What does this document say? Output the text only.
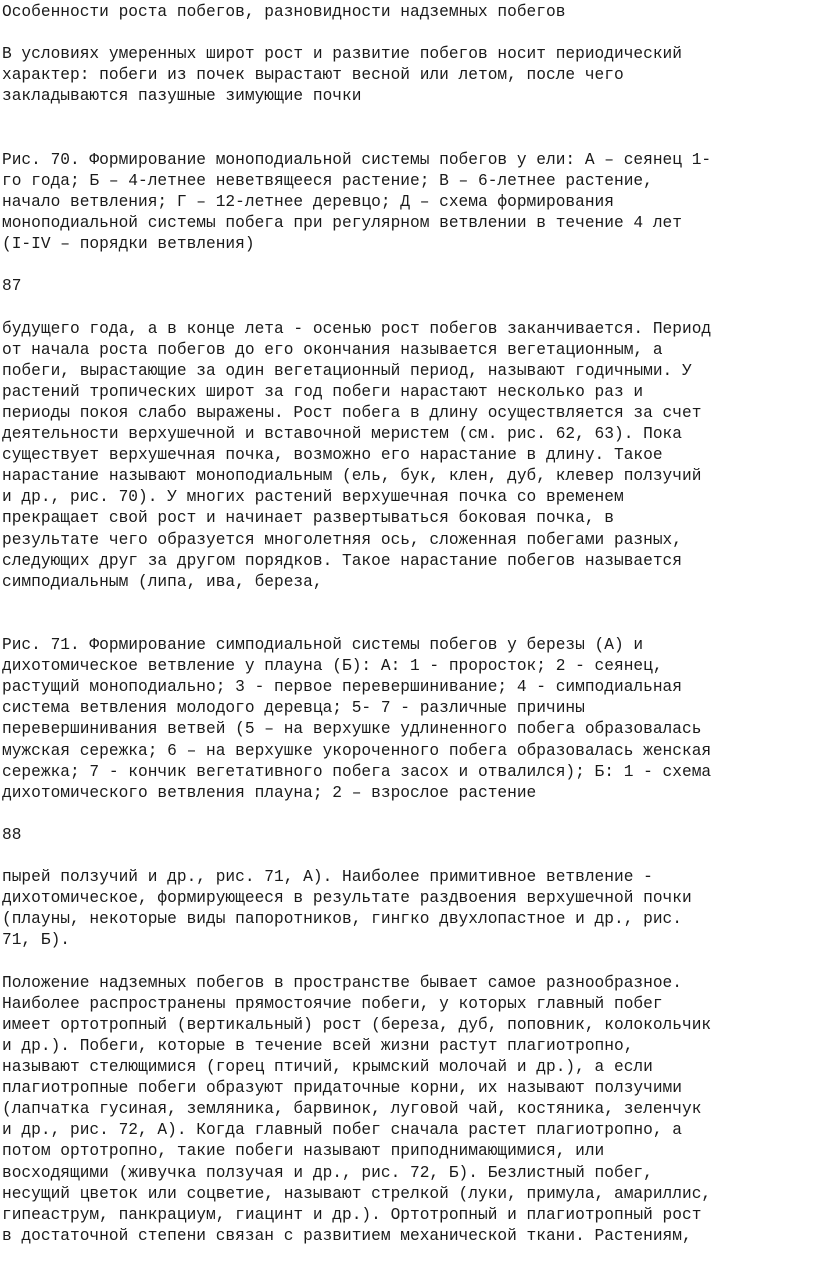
Особенности роста побегов, разновидности надземных побегов
В условиях умеренных широт рост и развитие побегов носит периодический
характер: побеги из почек вырастают весной или летом, после чего
закладываются пазушные зимующие почки
Рис. 70. Формирование моноподиальной системы побегов у ели: А – сеянец 1-
го года; Б – 4-летнее неветвящееся растение; В – 6-летнее растение,
начало ветвления; Г – 12-летнее деревцо; Д – схема формирования
моноподиальной системы побега при регулярном ветвлении в течение 4 лет
(I-IV – порядки ветвления)
87
будущего года, а в конце лета - осенью рост побегов заканчивается. Период
от начала роста побегов до его окончания называется вегетационным, а
побеги, вырастающие за один вегетационный период, называют годичными. У
растений тропических широт за год побеги нарастают несколько раз и
периоды покоя слабо выражены. Рост побега в длину осуществляется за счет
деятельности верхушечной и вставочной меристем (см. рис. 62, 63). Пока
существует верхушечная почка, возможно его нарастание в длину. Такое
нарастание называют моноподиальным (ель, бук, клен, дуб, клевер ползучий
и др., рис. 70). У многих растений верхушечная почка со временем
прекращает свой рост и начинает развертываться боковая почка, в
результате чего образуется многолетняя ось, сложенная побегами разных,
следующих друг за другом порядков. Такое нарастание побегов называется
симподиальным (липа, ива, береза,
Рис. 71. Формирование симподиальной системы побегов у березы (А) и
дихотомическое ветвление у плауна (Б): А: 1 - проросток; 2 - сеянец,
растущий моноподиально; 3 - первое перевершинивание; 4 - симподиальная
система ветвления молодого деревца; 5- 7 - различные причины
перевершинивания ветвей (5 – на верхушке удлиненного побега образовалась
мужская сережка; 6 – на верхушке укороченного побега образовалась женская
сережка; 7 - кончик вегетативного побега засох и отвалился); Б: 1 - схема
дихотомического ветвления плауна; 2 – взрослое растение
88
пырей ползучий и др., рис. 71, А). Наиболее примитивное ветвление -
дихотомическое, формирующееся в результате раздвоения верхушечной почки
(плауны, некоторые виды папоротников, гингко двухлопастное и др., рис.
71, Б).
Положение надземных побегов в пространстве бывает самое разнообразное.
Наиболее распространены прямостоячие побеги, у которых главный побег
имеет ортотропный (вертикальный) рост (береза, дуб, поповник, колокольчик
и др.). Побеги, которые в течение всей жизни растут плагиотропно,
называют стелющимися (горец птичий, крымский молочай и др.), а если
плагиотропные побеги образуют придаточные корни, их называют ползучими
(лапчатка гусиная, земляника, барвинок, луговой чай, костяника, зеленчук
и др., рис. 72, А). Когда главный побег сначала растет плагиотропно, а
потом ортотропно, такие побеги называют приподнимающимися, или
восходящими (живучка ползучая и др., рис. 72, Б). Безлистный побег,
несущий цветок или соцветие, называют стрелкой (луки, примула, амариллис,
гипеаструм, панкрациум, гиацинт и др.). Ортотропный и плагиотропный рост
в достаточной степени связан с развитием механической ткани. Растениям,
